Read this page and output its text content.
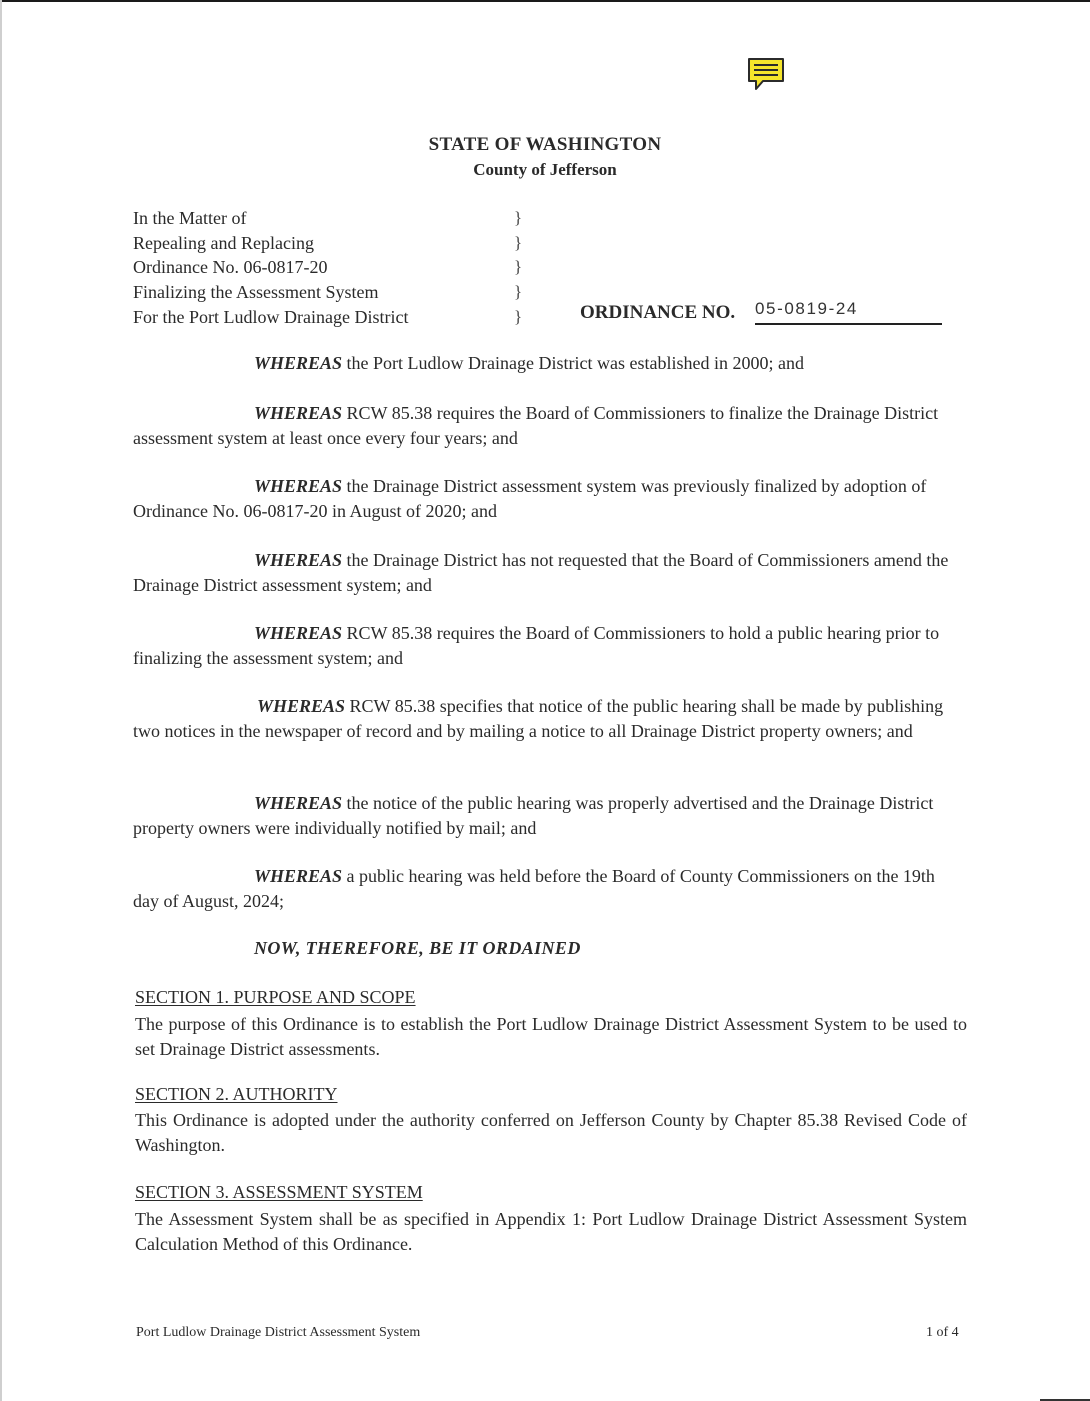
STATE OF WASHINGTON
County of Jefferson
In the Matter of
Repealing and Replacing
Ordinance No. 06-0817-20
Finalizing the Assessment System
For the Port Ludlow Drainage District
}
}
}
}
}	ORDINANCE NO. 05-0819-24

WHEREAS the Port Ludlow Drainage District was established in 2000; and

WHEREAS RCW 85.38 requires the Board of Commissioners to finalize the Drainage District assessment system at least once every four years; and

WHEREAS the Drainage District assessment system was previously finalized by adoption of Ordinance No. 06-0817-20 in August of 2020; and

WHEREAS the Drainage District has not requested that the Board of Commissioners amend the Drainage District assessment system; and

WHEREAS RCW 85.38 requires the Board of Commissioners to hold a public hearing prior to finalizing the assessment system; and

WHEREAS RCW 85.38 specifies that notice of the public hearing shall be made by publishing two notices in the newspaper of record and by mailing a notice to all Drainage District property owners; and

WHEREAS the notice of the public hearing was properly advertised and the Drainage District property owners were individually notified by mail; and

WHEREAS a public hearing was held before the Board of County Commissioners on the 19th day of August, 2024;

NOW, THEREFORE, BE IT ORDAINED
SECTION 1. PURPOSE AND SCOPE

The purpose of this Ordinance is to establish the Port Ludlow Drainage District Assessment System to be used to set Drainage District assessments.

SECTION 2. AUTHORITY

This Ordinance is adopted under the authority conferred on Jefferson County by Chapter 85.38 Revised Code of Washington.

SECTION 3. ASSESSMENT SYSTEM

The Assessment System shall be as specified in Appendix 1: Port Ludlow Drainage District Assessment System Calculation Method of this Ordinance.

Port Ludlow Drainage District Assessment System	1 of 4
